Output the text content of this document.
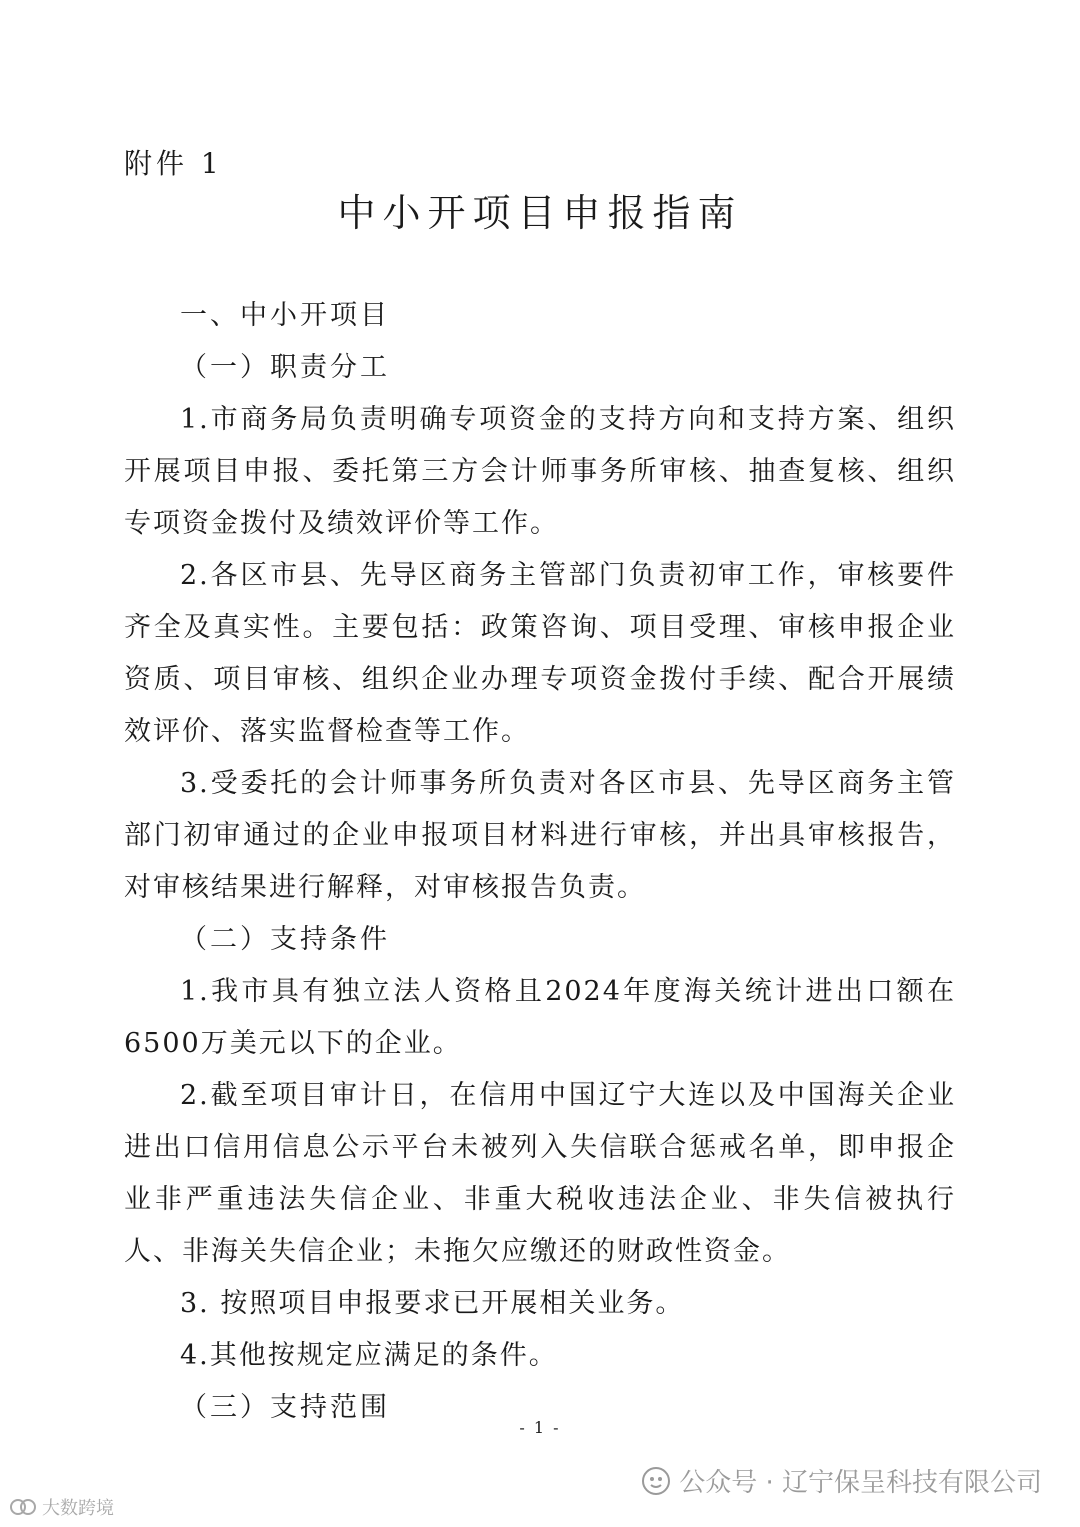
附件 1
中小开项目申报指南
一、中小开项目
（一）职责分工

1.市商务局负责明确专项资金的支持方向和支持方案、组织开展项目申报、委托第三方会计师事务所审核、抽查复核、组织专项资金拨付及绩效评价等工作。

2.各区市县、先导区商务主管部门负责初审工作，审核要件齐全及真实性。主要包括：政策咨询、项目受理、审核申报企业资质、项目审核、组织企业办理专项资金拨付手续、配合开展绩效评价、落实监督检查等工作。

3.受委托的会计师事务所负责对各区市县、先导区商务主管部门初审通过的企业申报项目材料进行审核，并出具审核报告，对审核结果进行解释，对审核报告负责。

（二）支持条件

1.我市具有独立法人资格且2024年度海关统计进出口额在6500万美元以下的企业。

2.截至项目审计日，在信用中国辽宁大连以及中国海关企业进出口信用信息公示平台未被列入失信联合惩戒名单，即申报企业非严重违法失信企业、非重大税收违法企业、非失信被执行人、非海关失信企业；未拖欠应缴还的财政性资金。

3. 按照项目申报要求已开展相关业务。

4.其他按规定应满足的条件。

（三）支持范围
- 1 -
公众号 · 辽宁保呈科技有限公司
大数跨境
